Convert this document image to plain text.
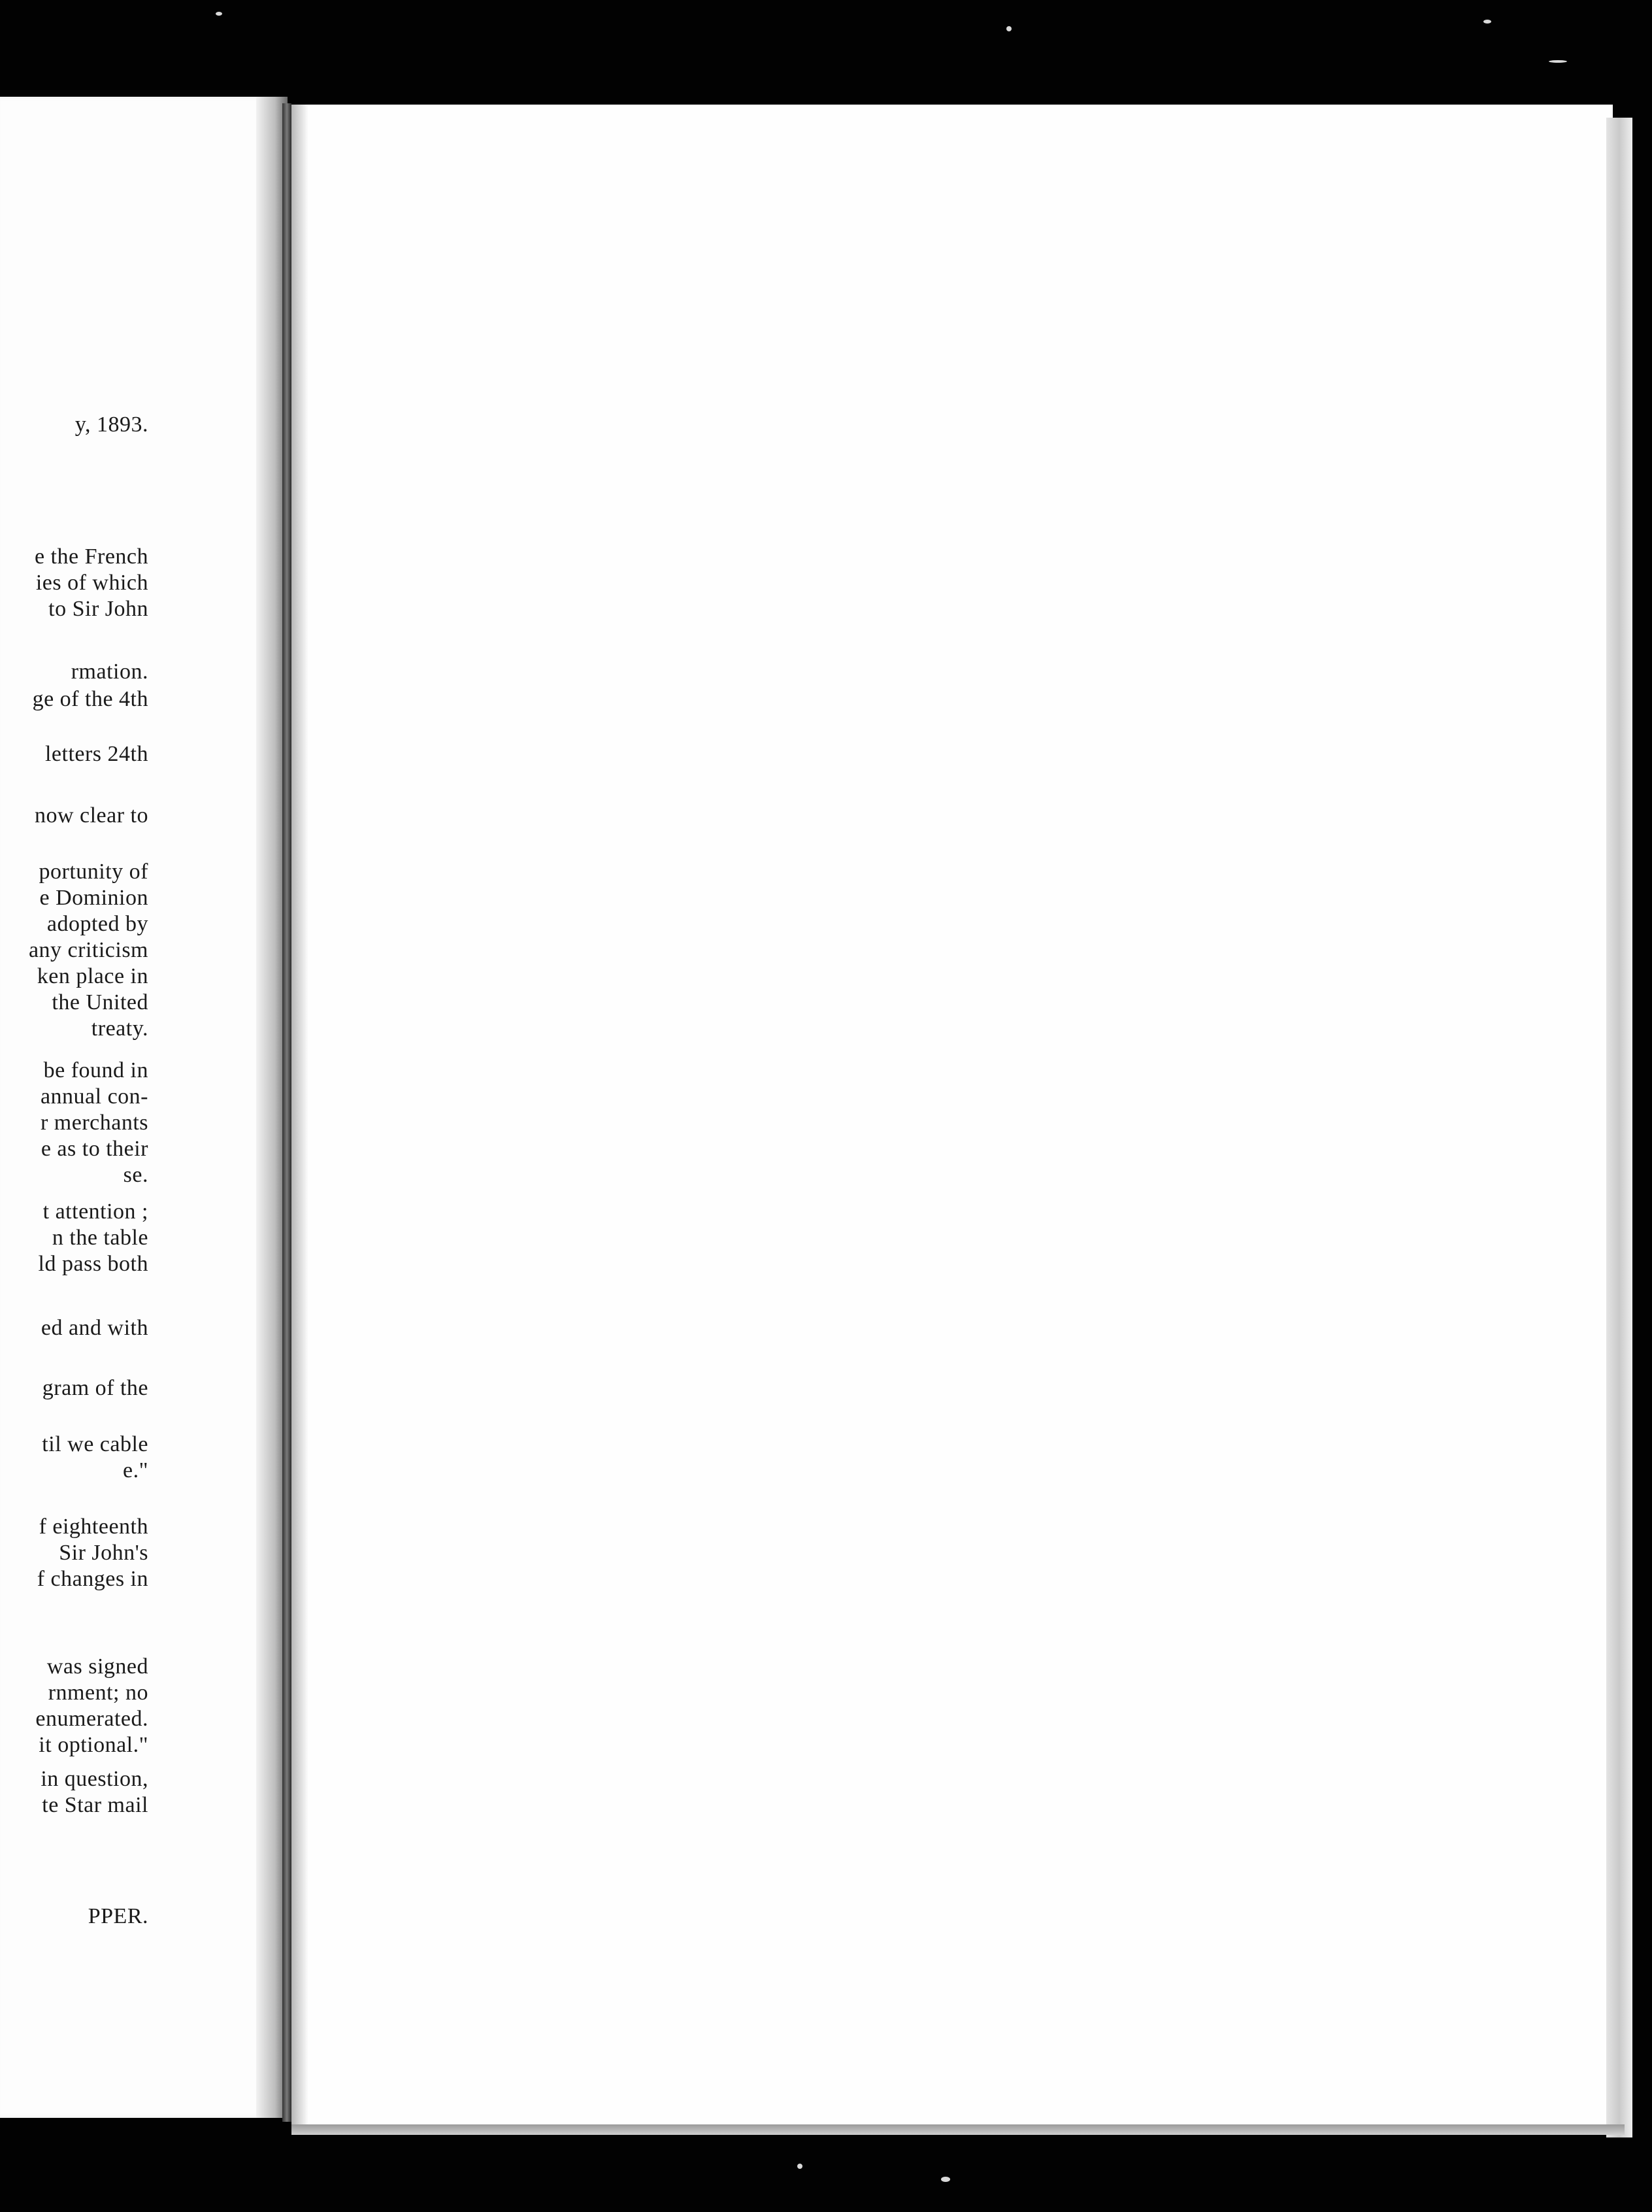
y, 1893.
e the French
ies of which
to Sir John
rmation.
ge of the 4th
letters 24th
now clear to
portunity of
e Dominion
adopted by
any criticism
ken place in
the United
treaty.
be found in
annual con-
r merchants
e as to their
se.
t attention ;
n the table
ld pass both
ed and with
gram of the
til we cable
e."
f eighteenth
Sir John's
f changes in
was signed
rnment; no
enumerated.
it optional."
in question,
te Star mail
PPER.
